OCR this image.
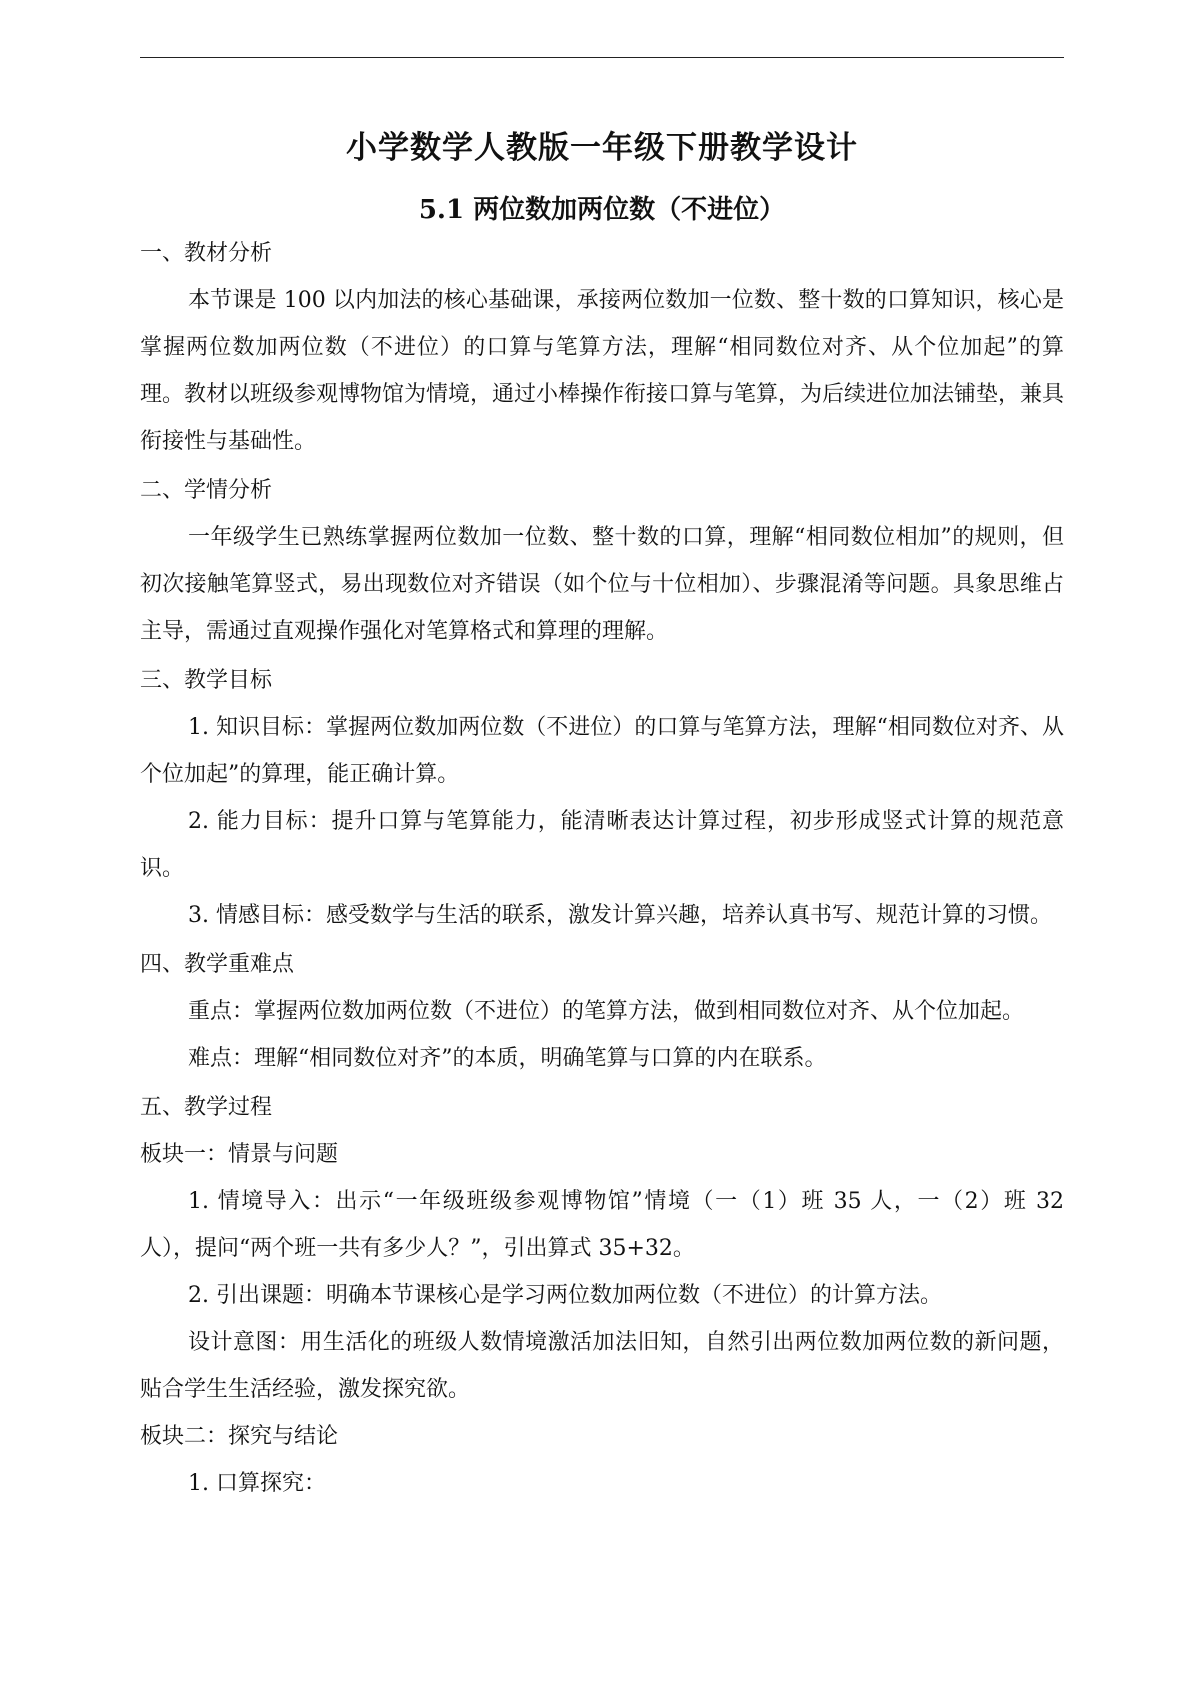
小学数学人教版一年级下册教学设计
5.1 两位数加两位数（不进位）

一、教材分析

本节课是 100 以内加法的核心基础课，承接两位数加一位数、整十数的口算知识，核心是掌握两位数加两位数（不进位）的口算与笔算方法，理解“相同数位对齐、从个位加起”的算理。教材以班级参观博物馆为情境，通过小棒操作衔接口算与笔算，为后续进位加法铺垫，兼具衔接性与基础性。

二、学情分析

一年级学生已熟练掌握两位数加一位数、整十数的口算，理解“相同数位相加”的规则，但初次接触笔算竖式，易出现数位对齐错误（如个位与十位相加）、步骤混淆等问题。具象思维占主导，需通过直观操作强化对笔算格式和算理的理解。

三、教学目标

1. 知识目标：掌握两位数加两位数（不进位）的口算与笔算方法，理解“相同数位对齐、从个位加起”的算理，能正确计算。

2. 能力目标：提升口算与笔算能力，能清晰表达计算过程，初步形成竖式计算的规范意识。

3. 情感目标：感受数学与生活的联系，激发计算兴趣，培养认真书写、规范计算的习惯。

四、教学重难点

重点：掌握两位数加两位数（不进位）的笔算方法，做到相同数位对齐、从个位加起。

难点：理解“相同数位对齐”的本质，明确笔算与口算的内在联系。

五、教学过程

板块一：情景与问题

1. 情境导入：出示“一年级班级参观博物馆”情境（一（1）班 35 人，一（2）班 32 人），提问“两个班一共有多少人？”，引出算式 35+32。

2. 引出课题：明确本节课核心是学习两位数加两位数（不进位）的计算方法。

设计意图：用生活化的班级人数情境激活加法旧知，自然引出两位数加两位数的新问题，贴合学生生活经验，激发探究欲。

板块二：探究与结论

1. 口算探究：
